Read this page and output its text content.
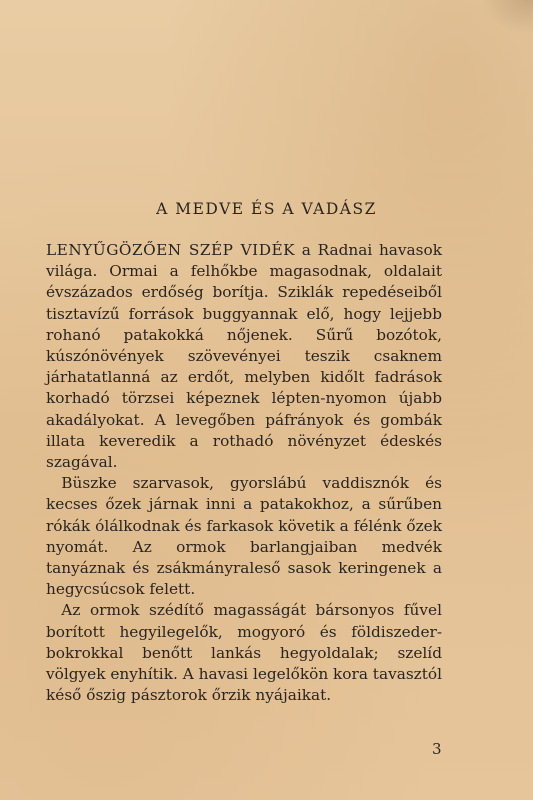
A MEDVE ÉS A VADÁSZ

LENYŰGÖZŐEN SZÉP VIDÉK a Radnai havasok világa. Ormai a felhőkbe magasodnak, oldalait évszázados erdőség borítja. Sziklák repedéseiből tisztavízű források buggyannak elő, hogy lejjebb rohanó patakokká nőjenek. Sűrű bozótok, kúszónövények szövevényei teszik csaknem járhatatlanná az erdőt, melyben kidőlt fadrások korhadó törzsei képeznek lépten-nyomon újabb akadályokat. A levegőben páfrányok és gombák illata keveredik a rothadó növényzet édeskés szagával.

Büszke szarvasok, gyorslábú vaddisznók és kecses őzek járnak inni a patakokhoz, a sűrűben rókák ólálkodnak és farkasok követik a félénk őzek nyomát. Az ormok barlangjaiban medvék tanyáznak és zsákmányraleső sasok keringenek a hegycsúcsok felett.

Az ormok szédítő magasságát bársonyos fűvel borított hegyilegelők, mogyoró és földiszeder-bokrokkal benőtt lankás hegyoldalak; szelíd völgyek enyhítik. A havasi legelőkön kora tavasztól késő őszig pásztorok őrzik nyájaikat.

3
